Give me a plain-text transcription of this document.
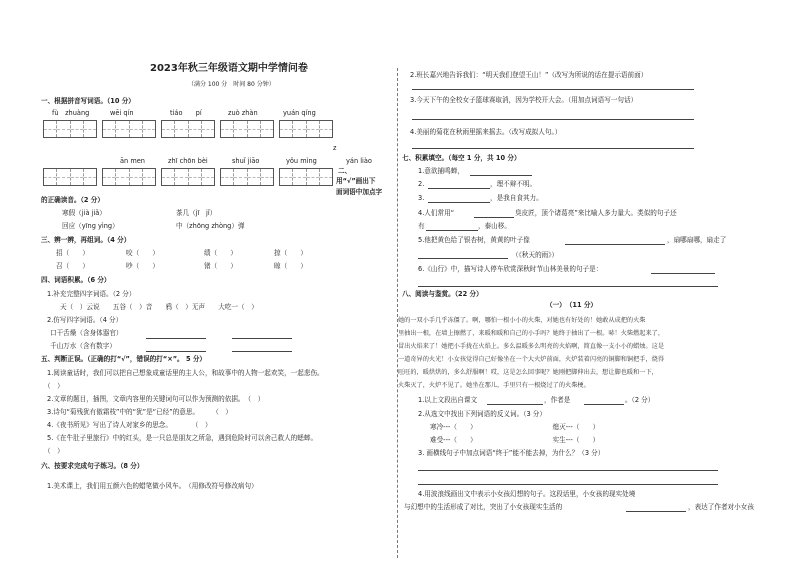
2023年秋三年级语文期中学情问卷
（满分 100 分　时间 80 分钟）
一、根据拼音写词语。（10 分）
fù　zhuàng	wēi qín	tiáo　　pí	zuò zhàn	yuán qíng
z
ān men	zhī chōn bèi	shuǐ jiāo	yǒu mìng	yán liào
二、
用“√”画出下
面词语中加点字
的正确读音。（2 分）
寒假（jià jiǎ）	茶几（jī　jǐ）
回应（yīng yìng）	中（zhōng zhòng）弹
三、辨一辨，再组词。（4 分）
招（　　）	咬（　　）	绩（　　）	掠（　　）
召（　　）	吵（　　）	锗（　　）	晾（　　）
四、词语积累。（6 分）
1.补充完整四字词语。（2 分）
天（　）云说　　五谷（　）音　　鸦（　）无声　　大吃一（　）
2.仿写四字词语。（4 分）
口干舌燥（含身体器官）
千山万水（含有数字）
五、判断正误。（正确的打“√”，错误的打“×”。 5 分）
1.阅读童话时，我们可以把自己想象成童话里的主人公，和故事中的人物一起欢笑，一起悲伤。
（　）
2.文章的题目，插图，文章内容里的关键词句可以作为预测的依据。　（　）
3.诗句“菊残犹有傲霜枝”中的“犹”是“已经”的意思。　　　（　）
4.《夜书所见》写出了诗人对家乡的思念。　　　　（　）
5.《在牛肚子里旅行》中的红头，是一只总是朋友之所急，遇到危险时可以舍己救人的蟋蟀。
（　）
六、按要求完成句子练习。（8 分）
1.美术课上，我们用五颜六色的蜡笔做小风车。　（用修改符号修改病句）
2.班长嘉兴地告诉我们：“明天我们登望王山！”（改写为所说的话在提示语前面）
3.今天下午的全校女子篮球赛取消，因为学校开大会。（用加点词语写一句话）
4.美丽的菊花在秋雨里摇来摇去。（改写成拟人句。）
七、积累填空。（每空 1 分，共 10 分）
1.意欲捕鸣蝉，
2.	，理不辩不明。
3.	，是我自食其力。
4.人们常用“	臭皮匠，顶个诸葛亮”来比喻人多力量大。类似的句子还
有	，泰山移。
5.他把黄色给了银杏树，黄黄的叶子像	，扇哪扇哪，扇走了
（《秋天的雨》）
6.《山行》中，描写诗人停车欣赏深秋时节山林美景的句子是：
八、阅读与鉴赏。（22 分）
（一）　（11 分）
她的一双小手几乎冻僵了。啊，哪怕一根小小的火柴，对她也有好处的！她敢从成把的火柴
里抽出一根，在墙上擦燃了，来暖和暖和自己的小手吗？她终于抽出了一根。哧！火柴燃起来了，
冒出火焰来了！她把小手拢在火焰上。多么温暖多么明亮的火焰啊，简直像一支小小的蜡烛。这是
一道奇异的火光！小女孩觉得自己好像坐在一个大火炉前面，火炉装着闪亮的铜脚和铜把手，烧得
旺旺的，暖烘烘的，多么舒服啊！哎，这是怎么回事呢？她刚把脚伸出去，想让脚也暖和一下，
火柴灭了，火炉不见了。她坐在那儿，手里只有一根烧过了的火柴梗。
1.以上文段出自课文	，作者是	。（2 分）
2.从选文中找出下列词语的反义词。（3 分）
寒冷---（　　）　　　　　　　　　　　　熄灭---（　　）
难受---（　　）　　　　　　　　　　　　实生---（　　）
3. 画横线句子中加点词语“终于”能不能去掉，为什么？（3 分）
4.用波浪线画出文中表示小女孩幻想的句子。这段话里，小女孩的现实处境
与幻想中的生活形成了对比，突出了小女孩现实生活的	，表达了作者对小女孩
